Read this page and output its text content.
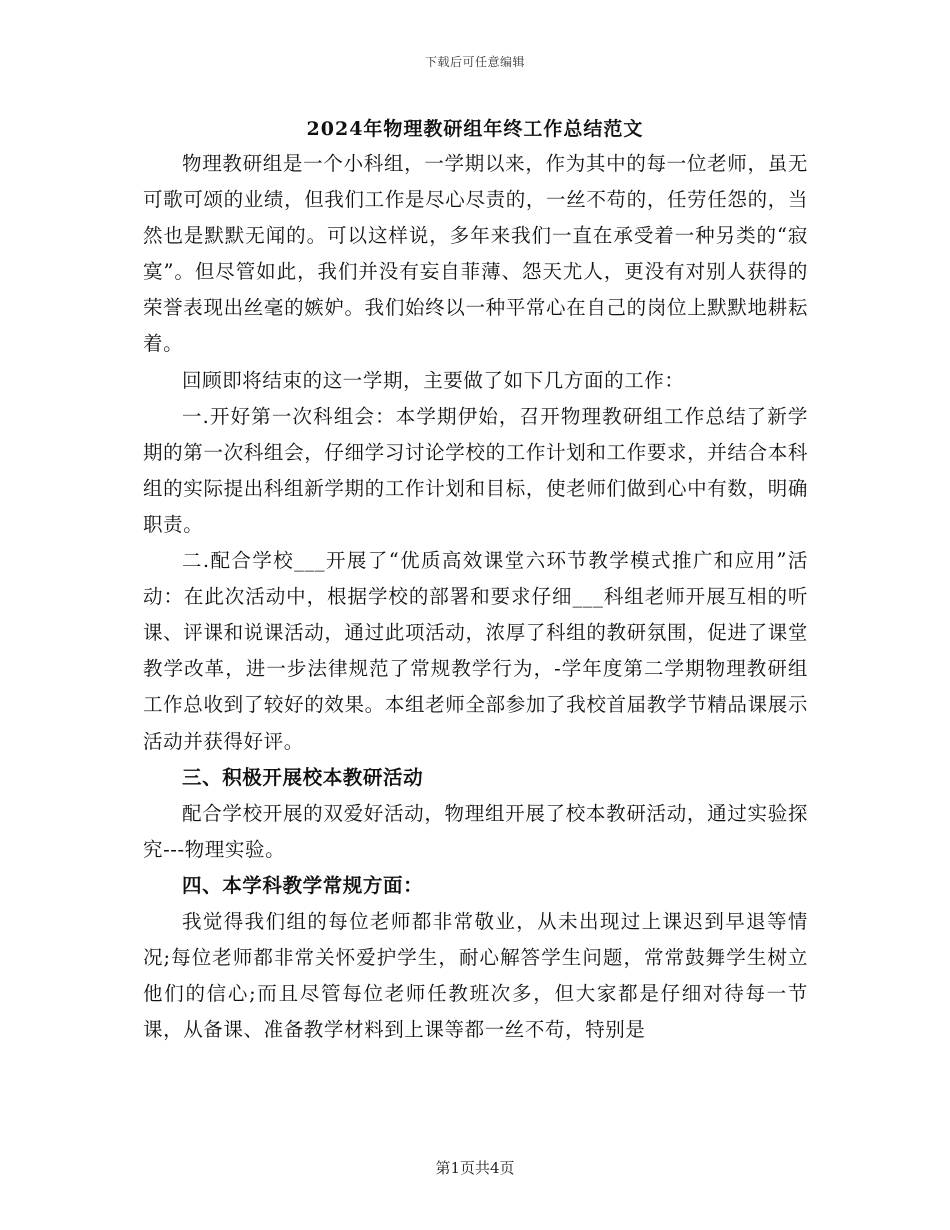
下载后可任意编辑
2024年物理教研组年终工作总结范文

物理教研组是一个小科组，一学期以来，作为其中的每一位老师，虽无可歌可颂的业绩，但我们工作是尽心尽责的，一丝不苟的，任劳任怨的，当然也是默默无闻的。可以这样说，多年来我们一直在承受着一种另类的“寂寞”。但尽管如此，我们并没有妄自菲薄、怨天尤人，更没有对别人获得的荣誉表现出丝毫的嫉妒。我们始终以一种平常心在自己的岗位上默默地耕耘着。

回顾即将结束的这一学期，主要做了如下几方面的工作：

一.开好第一次科组会：本学期伊始，召开物理教研组工作总结了新学期的第一次科组会，仔细学习讨论学校的工作计划和工作要求，并结合本科组的实际提出科组新学期的工作计划和目标，使老师们做到心中有数，明确职责。

二.配合学校___开展了“优质高效课堂六环节教学模式推广和应用”活动：在此次活动中，根据学校的部署和要求仔细___科组老师开展互相的听课、评课和说课活动，通过此项活动，浓厚了科组的教研氛围，促进了课堂教学改革，进一步法律规范了常规教学行为，-学年度第二学期物理教研组工作总收到了较好的效果。本组老师全部参加了我校首届教学节精品课展示活动并获得好评。

三、积极开展校本教研活动

配合学校开展的双爱好活动，物理组开展了校本教研活动，通过实验探究---物理实验。

四、本学科教学常规方面：

我觉得我们组的每位老师都非常敬业，从未出现过上课迟到早退等情况;每位老师都非常关怀爱护学生，耐心解答学生问题，常常鼓舞学生树立他们的信心;而且尽管每位老师任教班次多，但大家都是仔细对待每一节课，从备课、准备教学材料到上课等都一丝不苟，特别是

第1页共4页
